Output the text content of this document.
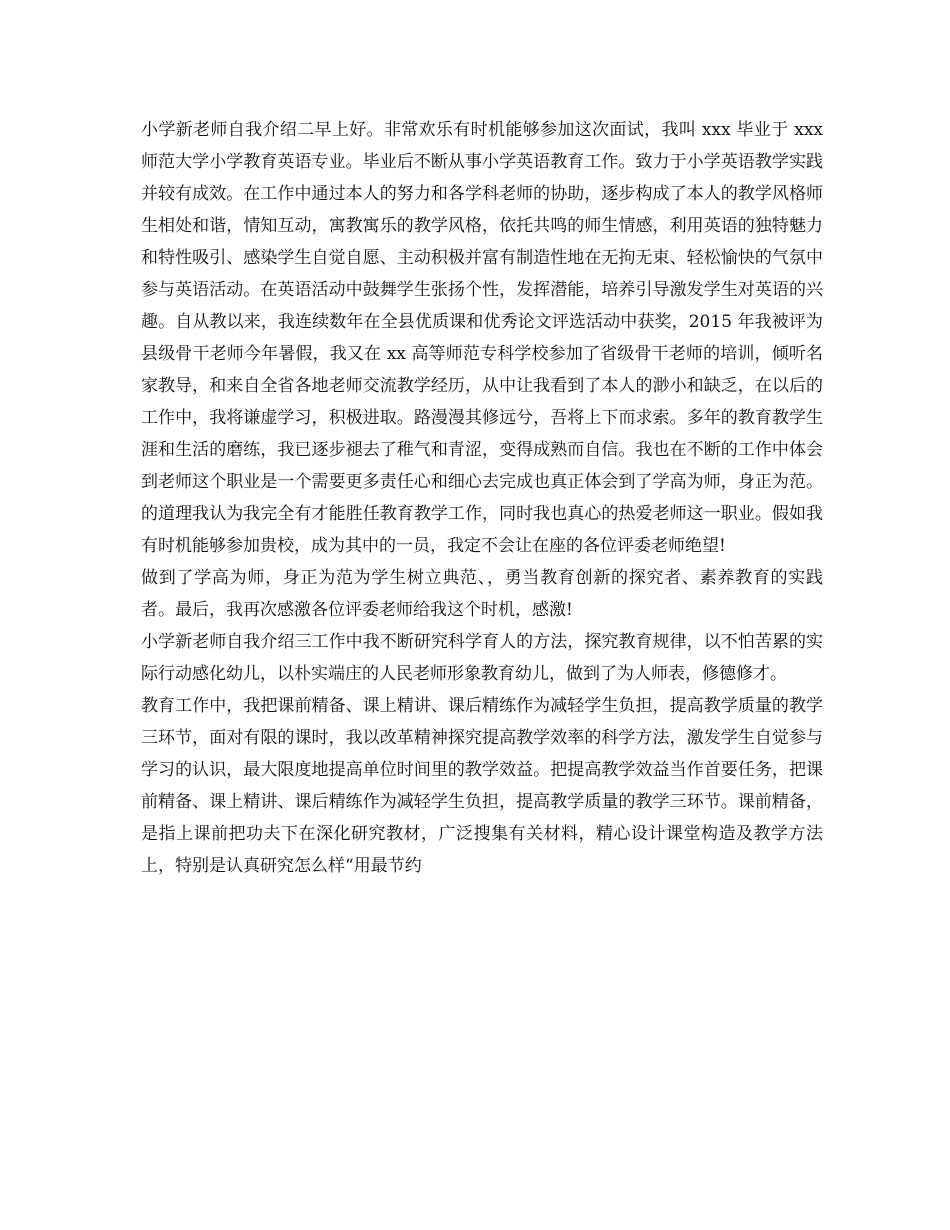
小学新老师自我介绍二早上好。非常欢乐有时机能够参加这次面试，我叫 xxx 毕业于 xxx 师范大学小学教育英语专业。毕业后不断从事小学英语教育工作。致力于小学英语教学实践并较有成效。在工作中通过本人的努力和各学科老师的协助，逐步构成了本人的教学风格师生相处和谐，情知互动，寓教寓乐的教学风格，依托共鸣的师生情感，利用英语的独特魅力和特性吸引、感染学生自觉自愿、主动积极并富有制造性地在无拘无束、轻松愉快的气氛中参与英语活动。在英语活动中鼓舞学生张扬个性，发挥潜能，培养引导激发学生对英语的兴趣。自从教以来，我连续数年在全县优质课和优秀论文评选活动中获奖，2015 年我被评为县级骨干老师今年暑假，我又在 xx 高等师范专科学校参加了省级骨干老师的培训，倾听名家教导，和来自全省各地老师交流教学经历，从中让我看到了本人的渺小和缺乏，在以后的工作中，我将谦虚学习，积极进取。路漫漫其修远兮，吾将上下而求索。多年的教育教学生涯和生活的磨练，我已逐步褪去了稚气和青涩，变得成熟而自信。我也在不断的工作中体会到老师这个职业是一个需要更多责任心和细心去完成也真正体会到了学高为师，身正为范。的道理我认为我完全有才能胜任教育教学工作，同时我也真心的热爱老师这一职业。假如我有时机能够参加贵校，成为其中的一员，我定不会让在座的各位评委老师绝望!

做到了学高为师，身正为范为学生树立典范、，勇当教育创新的探究者、素养教育的实践者。最后，我再次感激各位评委老师给我这个时机，感激!

小学新老师自我介绍三工作中我不断研究科学育人的方法，探究教育规律，以不怕苦累的实际行动感化幼儿，以朴实端庄的人民老师形象教育幼儿，做到了为人师表，修德修才。

教育工作中，我把课前精备、课上精讲、课后精练作为减轻学生负担，提高教学质量的教学三环节，面对有限的课时，我以改革精神探究提高教学效率的科学方法，激发学生自觉参与学习的认识，最大限度地提高单位时间里的教学效益。把提高教学效益当作首要任务，把课前精备、课上精讲、课后精练作为减轻学生负担，提高教学质量的教学三环节。课前精备，是指上课前把功夫下在深化研究教材，广泛搜集有关材料，精心设计课堂构造及教学方法上，特别是认真研究怎么样“用最节约
